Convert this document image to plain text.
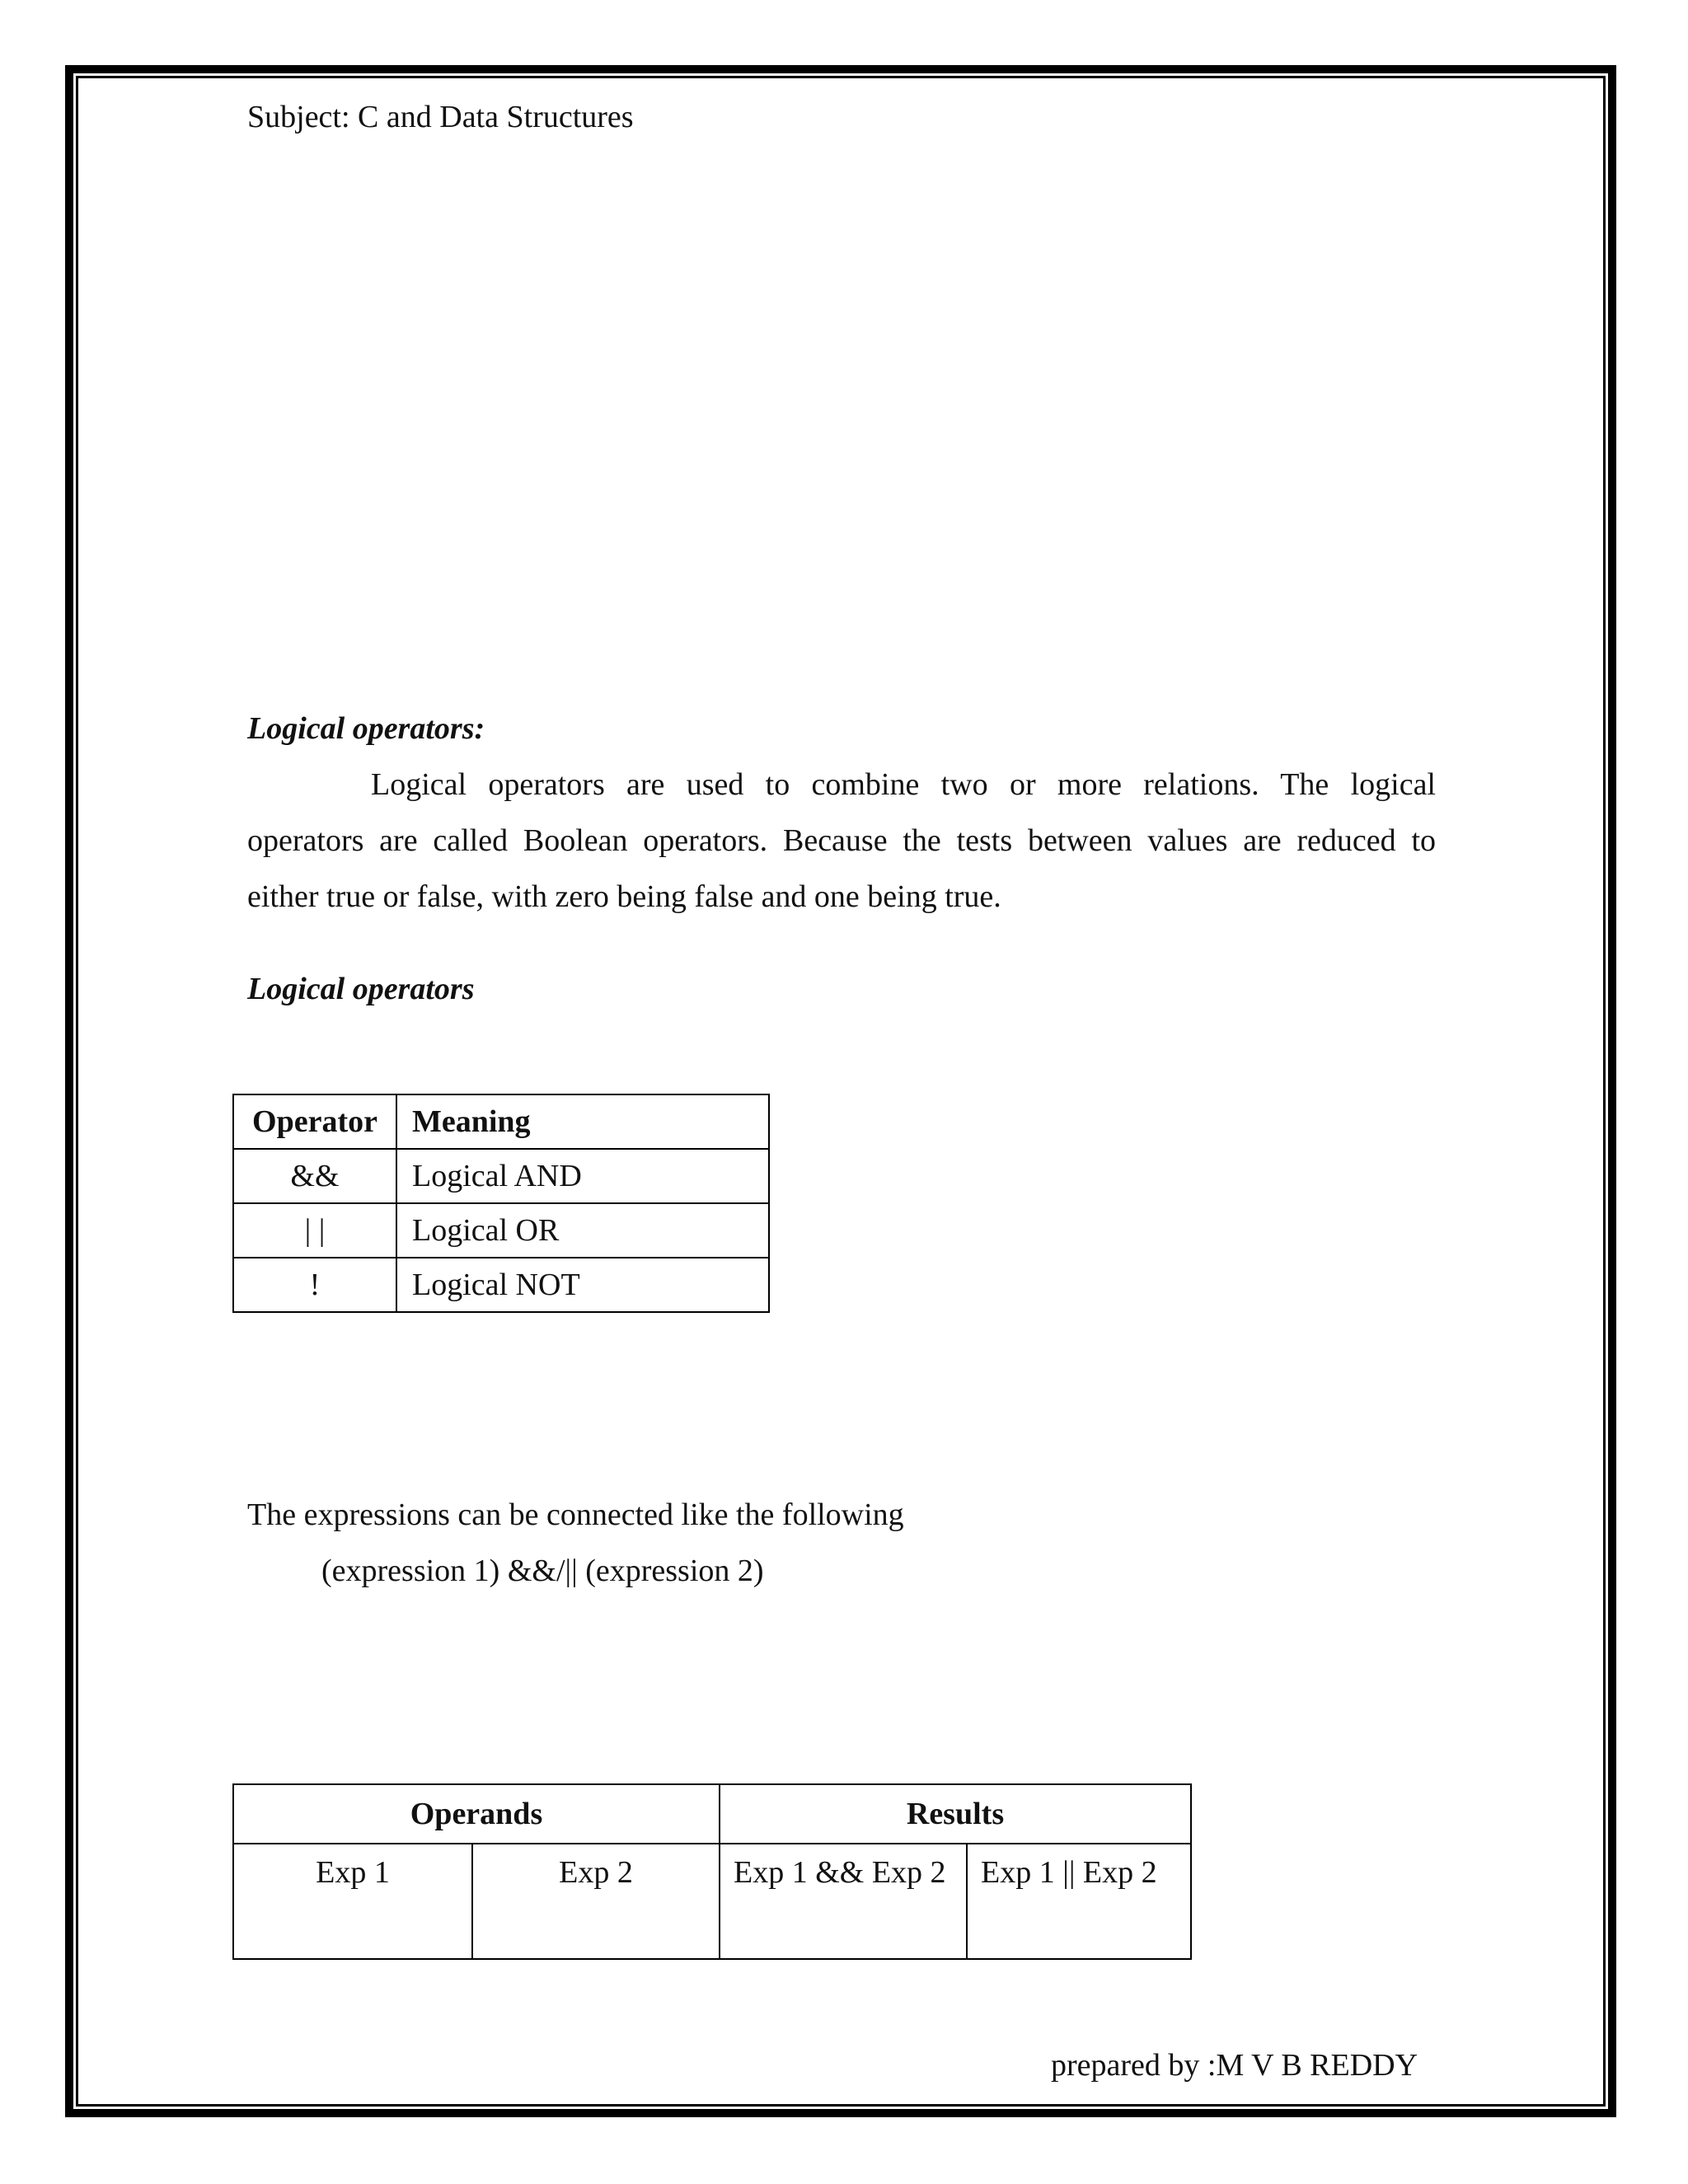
Subject: C and Data Structures
Logical operators:
Logical operators are used to combine two or more relations. The logical
operators are called Boolean operators. Because the tests between values are reduced to
either true or false, with zero being false and one being true.
Logical operators
Operator	Meaning
&&	Logical AND
| |	Logical OR
!	Logical NOT
The expressions can be connected like the following
(expression 1) &&/|| (expression 2)
Operands		Results	
Exp 1	Exp 2	Exp 1 && Exp 2	Exp 1 || Exp 2
prepared by :M V B REDDY
